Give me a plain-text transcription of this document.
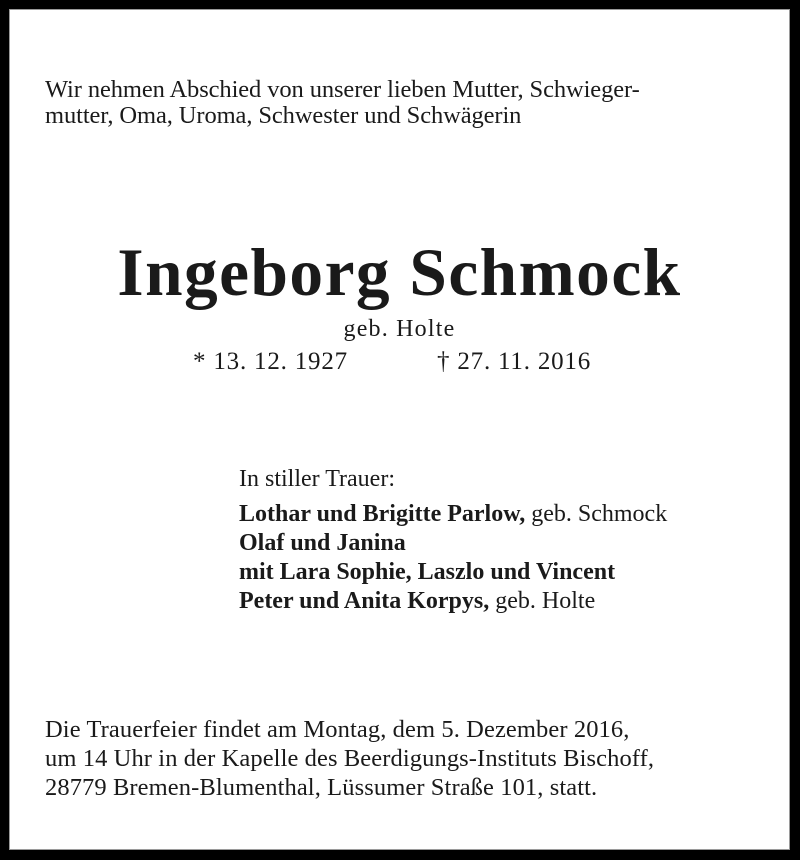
Wir nehmen Abschied von unserer lieben Mutter, Schwieger-
mutter, Oma, Uroma, Schwester und Schwägerin
Ingeborg Schmock
geb. Holte
* 13. 12. 1927	† 27. 11. 2016
In stiller Trauer:
Lothar und Brigitte Parlow, geb. Schmock
Olaf und Janina
mit Lara Sophie, Laszlo und Vincent
Peter und Anita Korpys, geb. Holte
Die Trauerfeier findet am Montag, dem 5. Dezember 2016,
um 14 Uhr in der Kapelle des Beerdigungs-Instituts Bischoff,
28779 Bremen-Blumenthal, Lüssumer Straße 101, statt.
